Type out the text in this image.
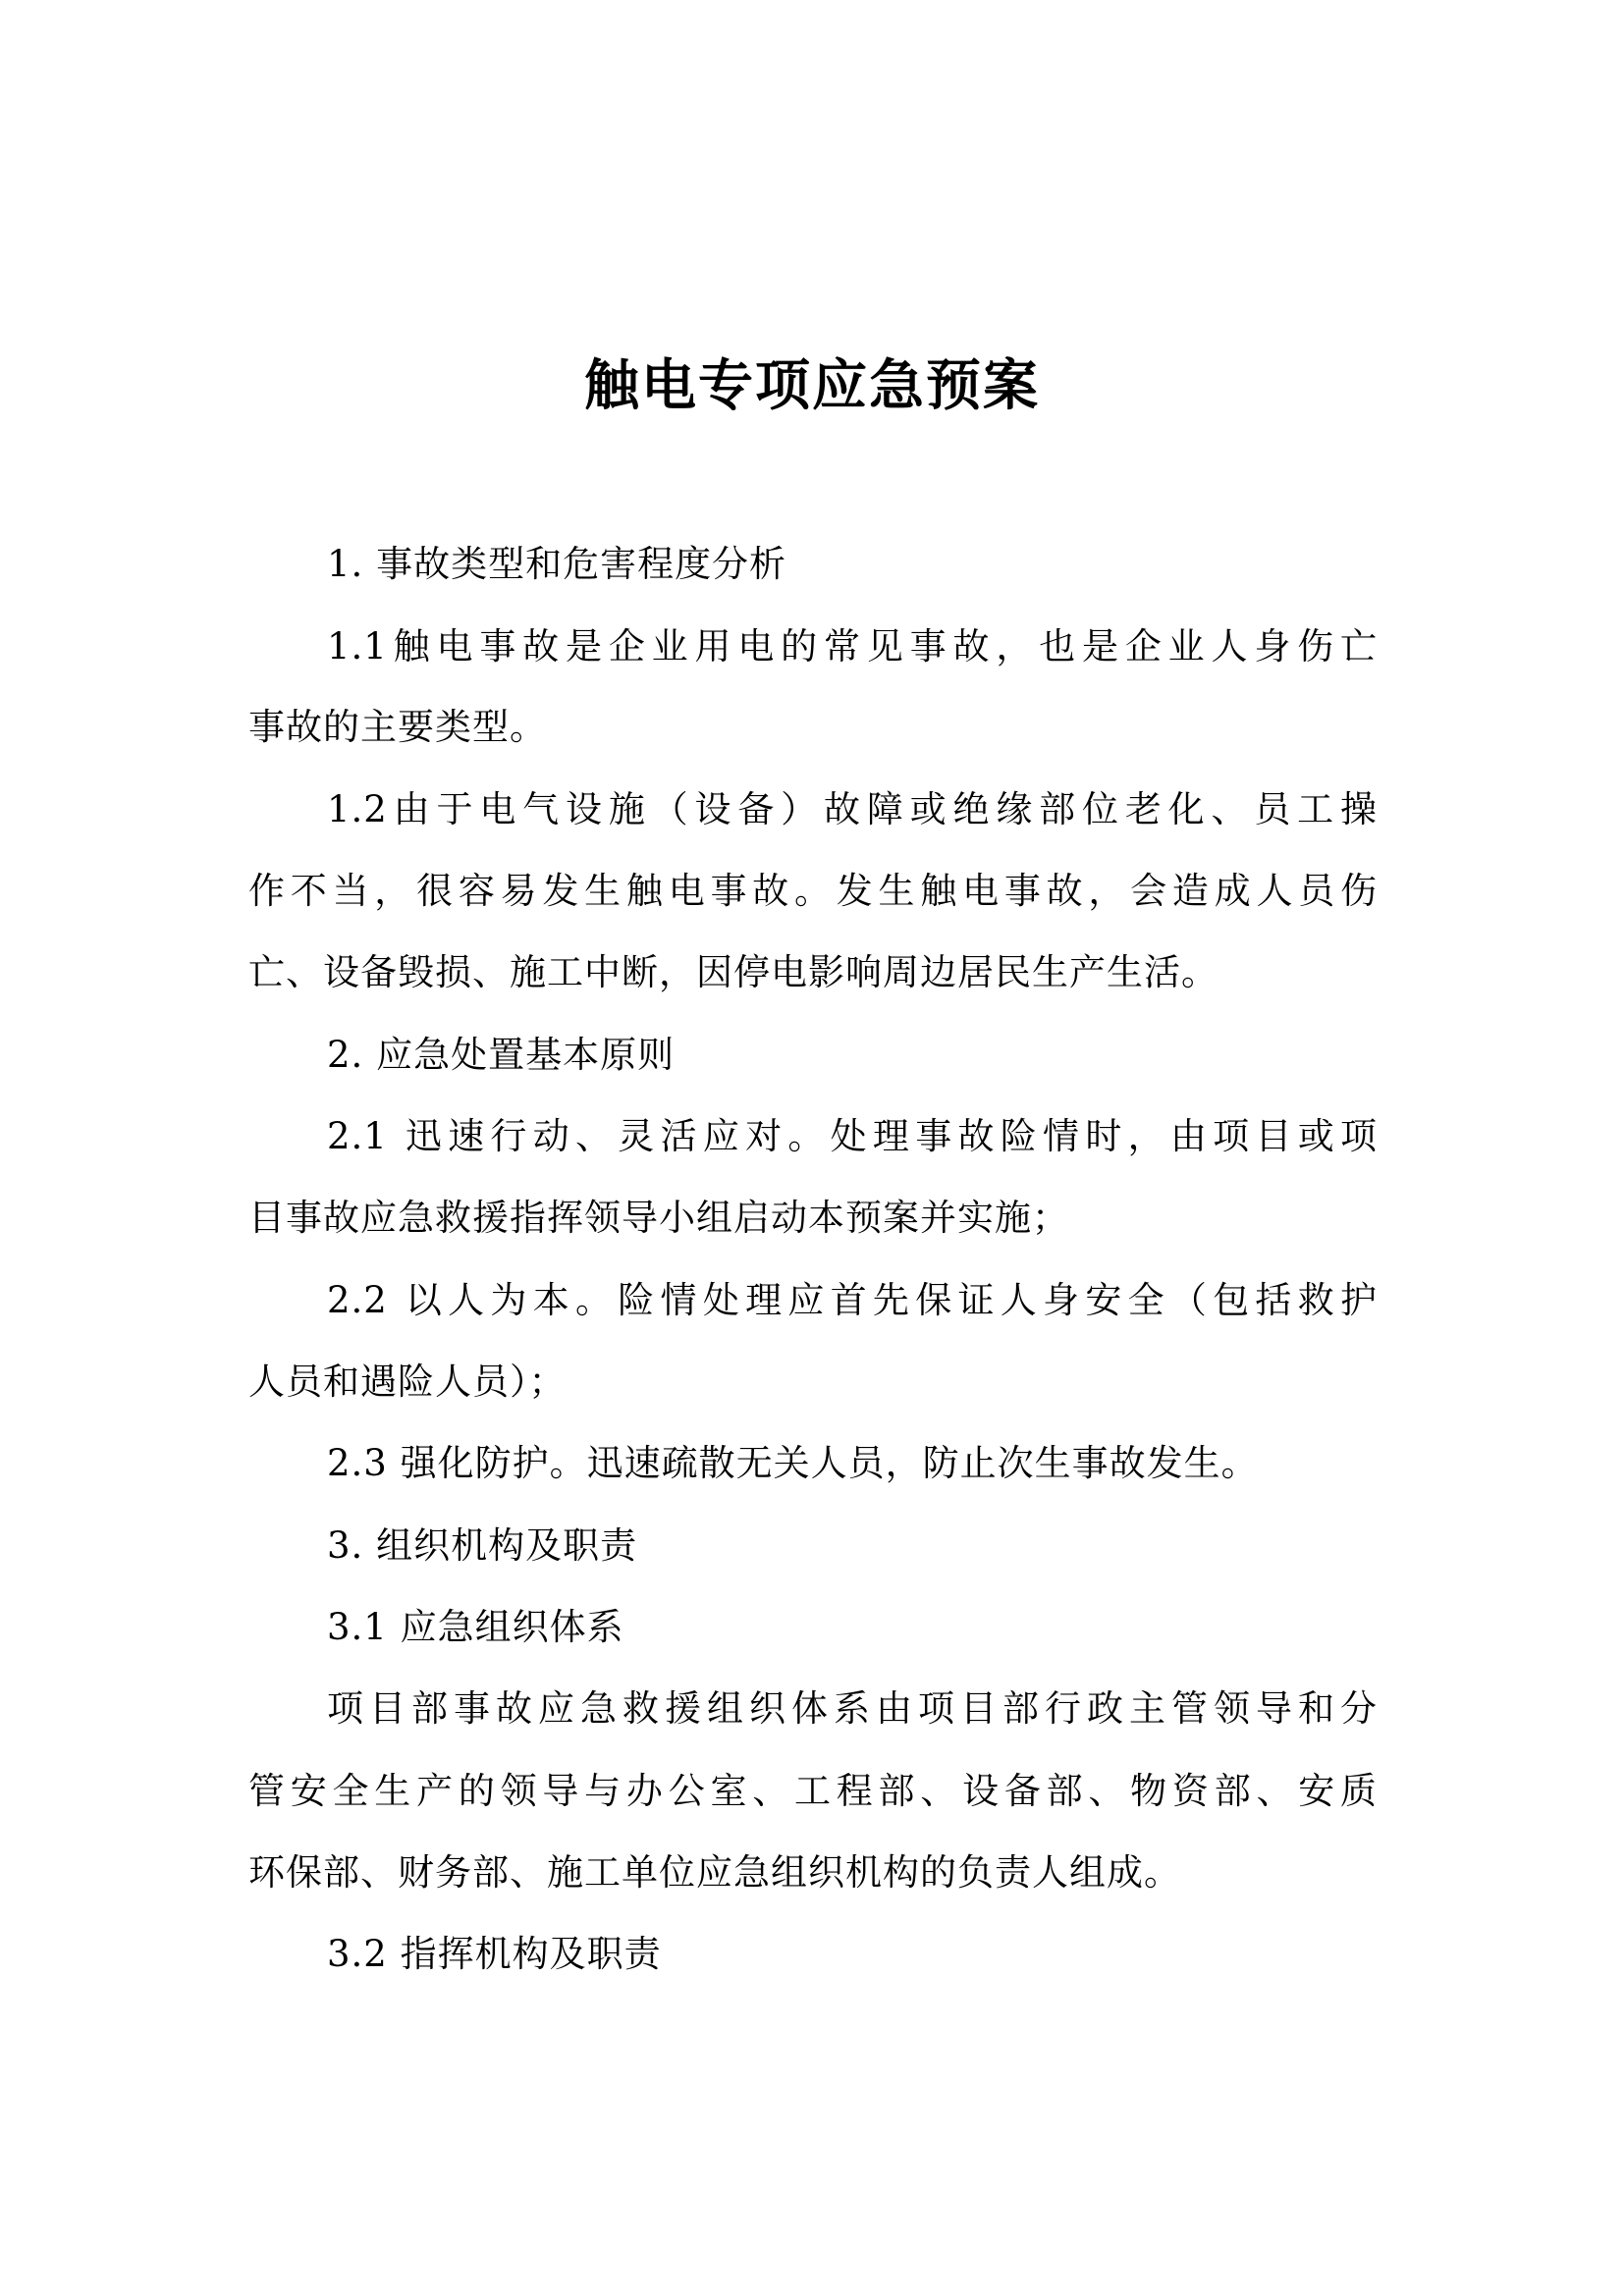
触电专项应急预案
1. 事故类型和危害程度分析
1.1触电事故是企业用电的常见事故，也是企业人身伤亡
事故的主要类型。
1.2由于电气设施（设备）故障或绝缘部位老化、员工操
作不当，很容易发生触电事故。发生触电事故，会造成人员伤
亡、设备毁损、施工中断，因停电影响周边居民生产生活。
2. 应急处置基本原则
2.1 迅速行动、灵活应对。处理事故险情时，由项目或项
目事故应急救援指挥领导小组启动本预案并实施；
2.2 以人为本。险情处理应首先保证人身安全（包括救护
人员和遇险人员）；
2.3 强化防护。迅速疏散无关人员，防止次生事故发生。
3. 组织机构及职责
3.1 应急组织体系
项目部事故应急救援组织体系由项目部行政主管领导和分
管安全生产的领导与办公室、工程部、设备部、物资部、安质
环保部、财务部、施工单位应急组织机构的负责人组成。
3.2 指挥机构及职责
